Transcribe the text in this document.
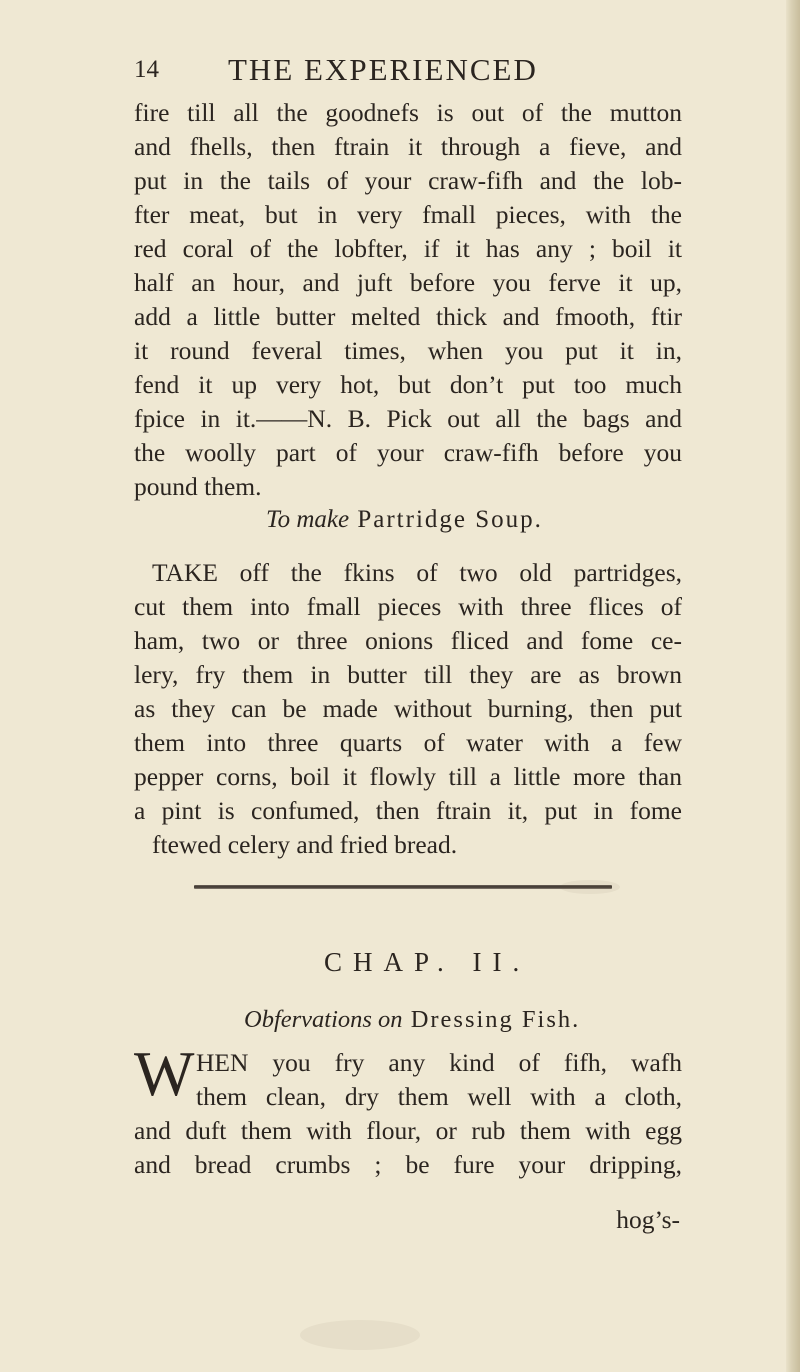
14 THE EXPERIENCED
fire till all the goodnefs is out of the mutton
and fhells, then ftrain it through a fieve, and
put in the tails of your craw-fifh and the lob-
fter meat, but in very fmall pieces, with the
red coral of the lobfter, if it has any ; boil it
half an hour, and juft before you ferve it up,
add a little butter melted thick and fmooth, ftir
it round feveral times, when you put it in,
fend it up very hot, but don’t put too much
fpice in it.——N. B. Pick out all the bags and
the woolly part of your craw-fifh before you
pound them.
To make Partridge Soup.
TAKE off the fkins of two old partridges,
cut them into fmall pieces with three flices of
ham, two or three onions fliced and fome ce-
lery, fry them in butter till they are as brown
as they can be made without burning, then put
them into three quarts of water with a few
pepper corns, boil it flowly till a little more than
a pint is confumed, then ftrain it, put in fome
ftewed celery and fried bread.
CHAP. II.
Obfervations on Dressing Fish.
W HEN you fry any kind of fifh, wafh
them clean, dry them well with a cloth,
and duft them with flour, or rub them with egg
and bread crumbs ; be fure your dripping,
hog’s-
